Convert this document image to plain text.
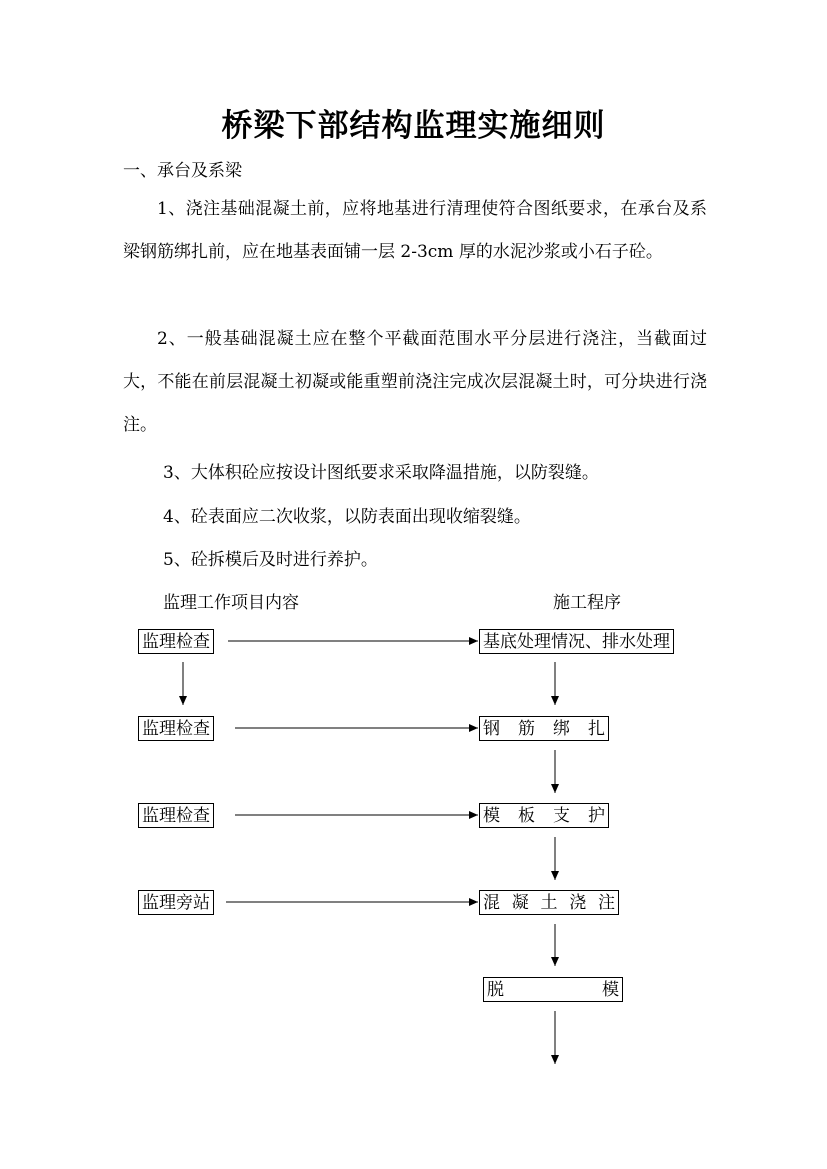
桥梁下部结构监理实施细则

一、承台及系梁

1、浇注基础混凝土前，应将地基进行清理使符合图纸要求，在承台及系梁钢筋绑扎前，应在地基表面铺一层 2-3cm 厚的水泥沙浆或小石子砼。

2、一般基础混凝土应在整个平截面范围水平分层进行浇注，当截面过大，不能在前层混凝土初凝或能重塑前浇注完成次层混凝土时，可分块进行浇注。

3、大体积砼应按设计图纸要求采取降温措施，以防裂缝。

4、砼表面应二次收浆，以防表面出现收缩裂缝。

5、砼拆模后及时进行养护。

监理工作项目内容	施工程序

监理检查
监理检查
监理检查
监理旁站
基底处理情况、排水处理
钢 筋 绑 扎
模 板 支 护
混 凝 土 浇 注
脱	模
